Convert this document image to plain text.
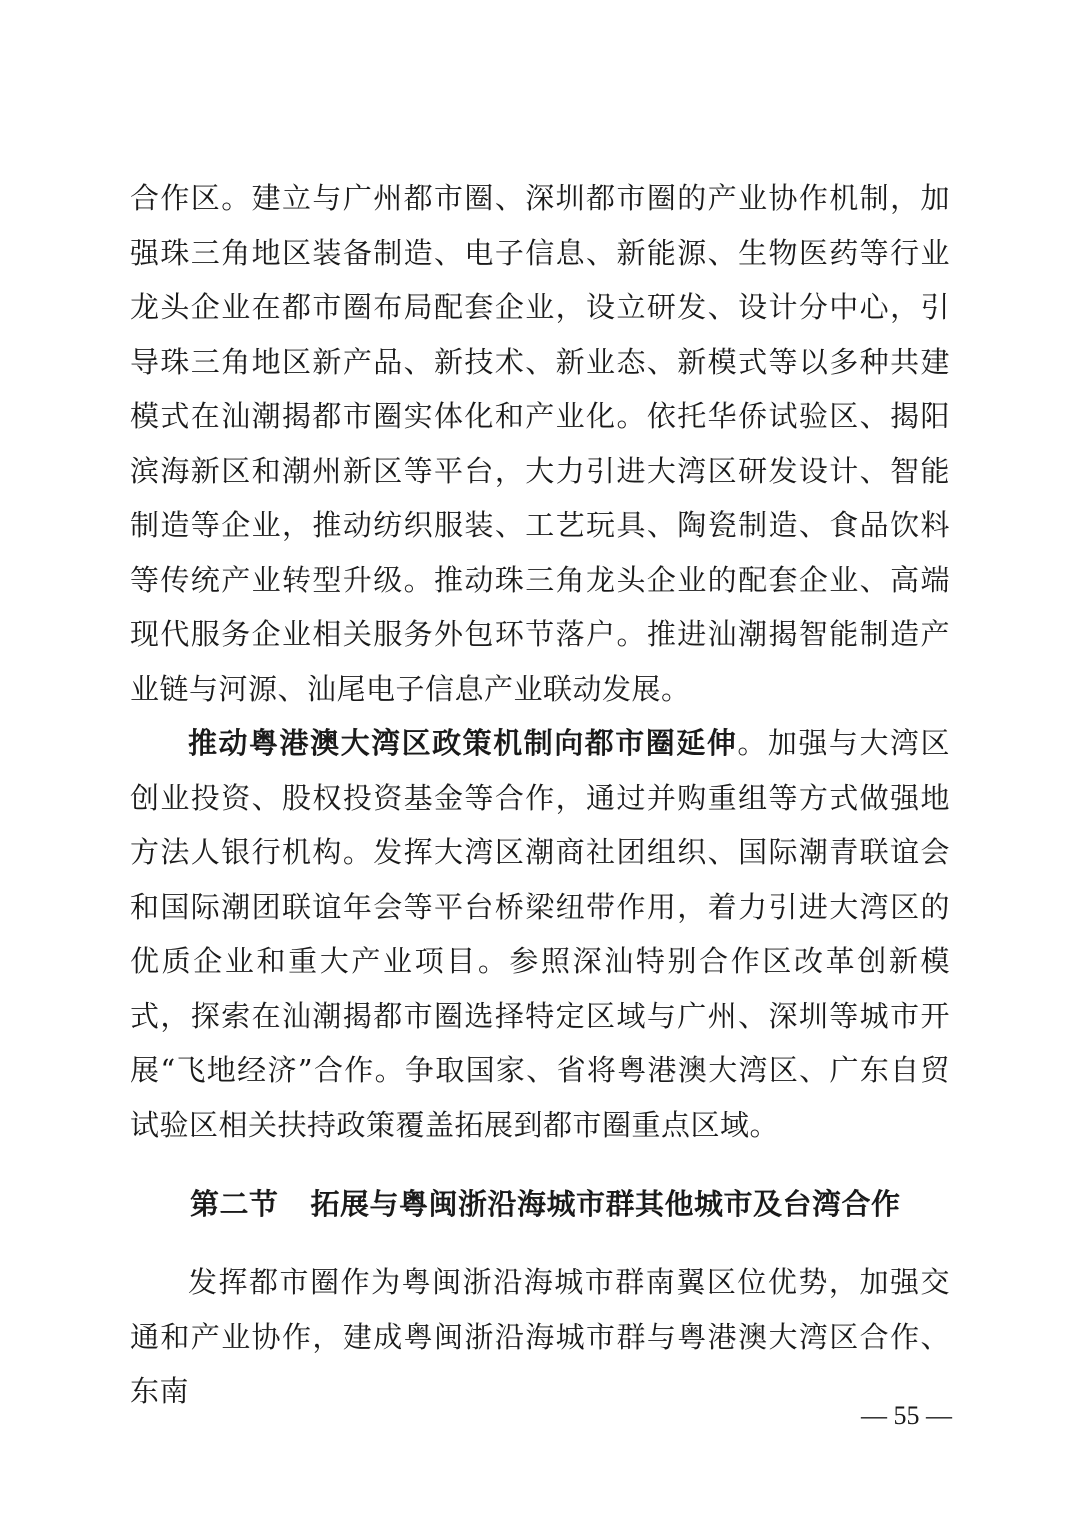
合作区。建立与广州都市圈、深圳都市圈的产业协作机制，加强珠三角地区装备制造、电子信息、新能源、生物医药等行业龙头企业在都市圈布局配套企业，设立研发、设计分中心，引导珠三角地区新产品、新技术、新业态、新模式等以多种共建模式在汕潮揭都市圈实体化和产业化。依托华侨试验区、揭阳滨海新区和潮州新区等平台，大力引进大湾区研发设计、智能制造等企业，推动纺织服装、工艺玩具、陶瓷制造、食品饮料等传统产业转型升级。推动珠三角龙头企业的配套企业、高端现代服务企业相关服务外包环节落户。推进汕潮揭智能制造产业链与河源、汕尾电子信息产业联动发展。

推动粤港澳大湾区政策机制向都市圈延伸。加强与大湾区创业投资、股权投资基金等合作，通过并购重组等方式做强地方法人银行机构。发挥大湾区潮商社团组织、国际潮青联谊会和国际潮团联谊年会等平台桥梁纽带作用，着力引进大湾区的优质企业和重大产业项目。参照深汕特别合作区改革创新模式，探索在汕潮揭都市圈选择特定区域与广州、深圳等城市开展“飞地经济”合作。争取国家、省将粤港澳大湾区、广东自贸试验区相关扶持政策覆盖拓展到都市圈重点区域。

第二节 拓展与粤闽浙沿海城市群其他城市及台湾合作

发挥都市圈作为粤闽浙沿海城市群南翼区位优势，加强交通和产业协作，建成粤闽浙沿海城市群与粤港澳大湾区合作、东南

— 55 —
